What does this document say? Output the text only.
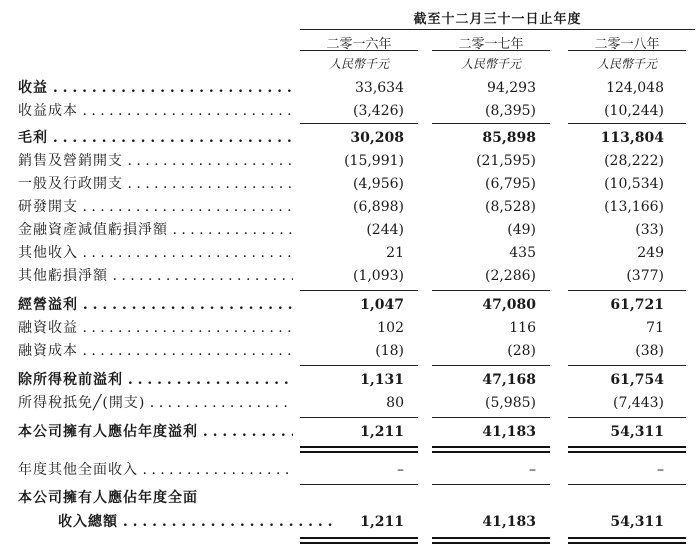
截至十二月三十一日止年度
二零一六年	二零一七年	二零一八年
人民幣千元	人民幣千元	人民幣千元
收益 . . .	33,634	94,293	124,048
收益成本 . . .	(3,426)	(8,395)	(10,244)
毛利 . . .	30,208	85,898	113,804
銷售及營銷開支 . . .	(15,991)	(21,595)	(28,222)
一般及行政開支 . . .	(4,956)	(6,795)	(10,534)
研發開支 . . .	(6,898)	(8,528)	(13,166)
金融資產減值虧損淨額 . . .	(244)	(49)	(33)
其他收入 . . .	21	435	249
其他虧損淨額 . . .	(1,093)	(2,286)	(377)
經營溢利 . . .	1,047	47,080	61,721
融資收益 . . .	102	116	71
融資成本 . . .	(18)	(28)	(38)
除所得稅前溢利 . . .	1,131	47,168	61,754
所得稅抵免╱(開支) . . .	80	(5,985)	(7,443)
本公司擁有人應佔年度溢利 . . .	1,211	41,183	54,311
年度其他全面收入 . . .	–	–	–
本公司擁有人應佔年度全面
收入總額 . . .	1,211	41,183	54,311
